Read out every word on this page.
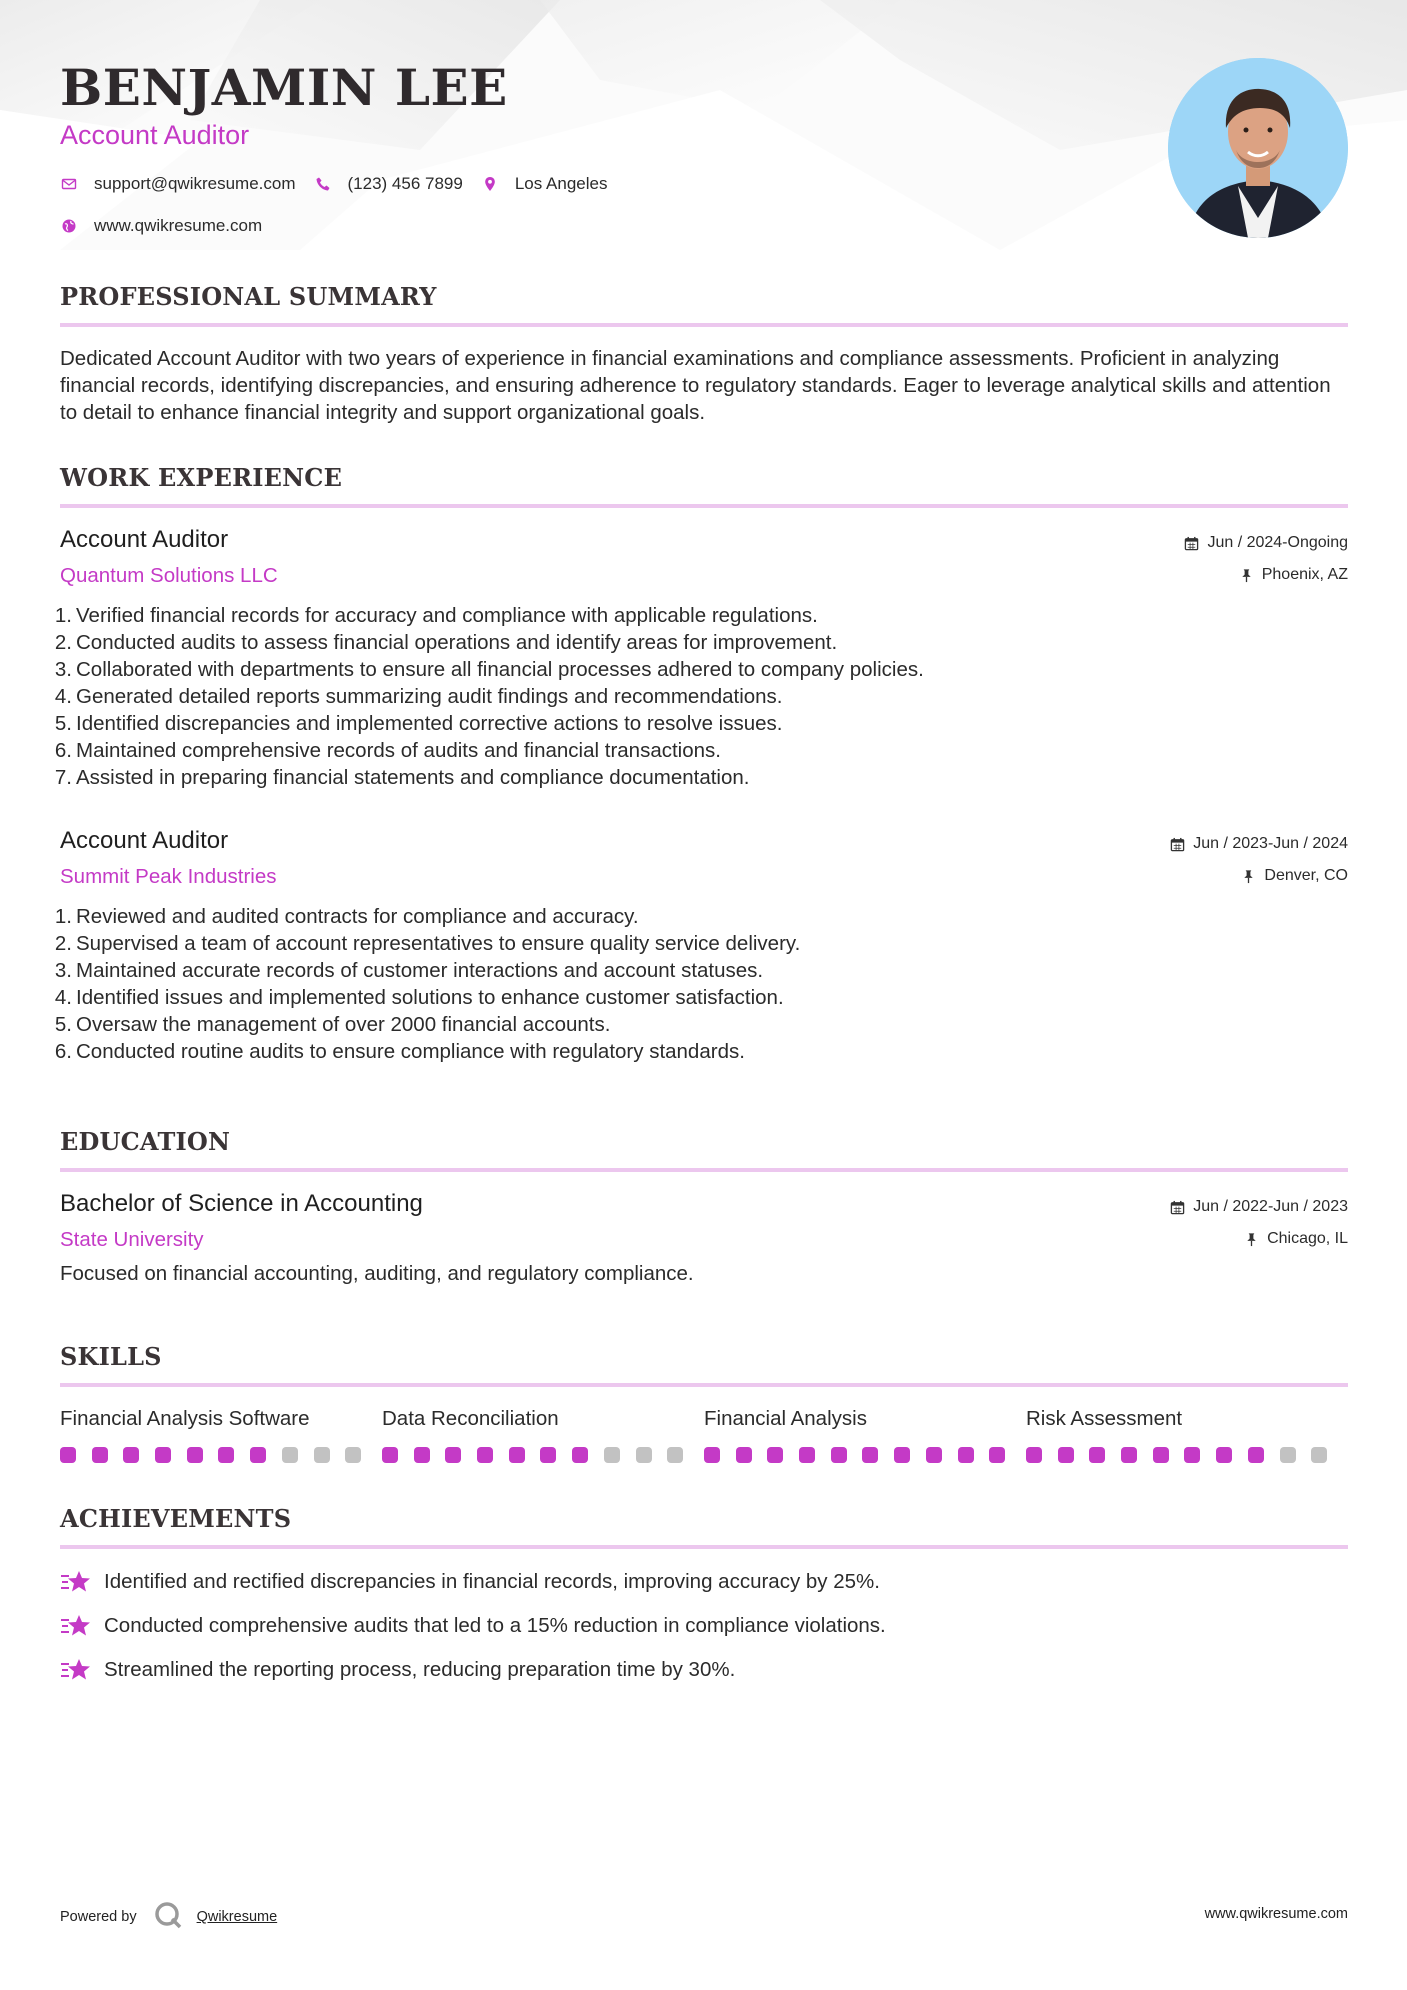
BENJAMIN LEE
Account Auditor
support@qwikresume.com	(123) 456 7899	Los Angeles
www.qwikresume.com
PROFESSIONAL SUMMARY
Dedicated Account Auditor with two years of experience in financial examinations and compliance assessments. Proficient in analyzing financial records, identifying discrepancies, and ensuring adherence to regulatory standards. Eager to leverage analytical skills and attention to detail to enhance financial integrity and support organizational goals.
WORK EXPERIENCE
Account Auditor
Quantum Solutions LLC
Jun / 2024-Ongoing
Phoenix, AZ
1. Verified financial records for accuracy and compliance with applicable regulations.
2. Conducted audits to assess financial operations and identify areas for improvement.
3. Collaborated with departments to ensure all financial processes adhered to company policies.
4. Generated detailed reports summarizing audit findings and recommendations.
5. Identified discrepancies and implemented corrective actions to resolve issues.
6. Maintained comprehensive records of audits and financial transactions.
7. Assisted in preparing financial statements and compliance documentation.
Account Auditor
Summit Peak Industries
Jun / 2023-Jun / 2024
Denver, CO
1. Reviewed and audited contracts for compliance and accuracy.
2. Supervised a team of account representatives to ensure quality service delivery.
3. Maintained accurate records of customer interactions and account statuses.
4. Identified issues and implemented solutions to enhance customer satisfaction.
5. Oversaw the management of over 2000 financial accounts.
6. Conducted routine audits to ensure compliance with regulatory standards.
EDUCATION
Bachelor of Science in Accounting
State University
Jun / 2022-Jun / 2023
Chicago, IL
Focused on financial accounting, auditing, and regulatory compliance.
SKILLS
Financial Analysis Software	Data Reconciliation	Financial Analysis	Risk Assessment
ACHIEVEMENTS
Identified and rectified discrepancies in financial records, improving accuracy by 25%.
Conducted comprehensive audits that led to a 15% reduction in compliance violations.
Streamlined the reporting process, reducing preparation time by 30%.
Powered by	Qwikresume	www.qwikresume.com
